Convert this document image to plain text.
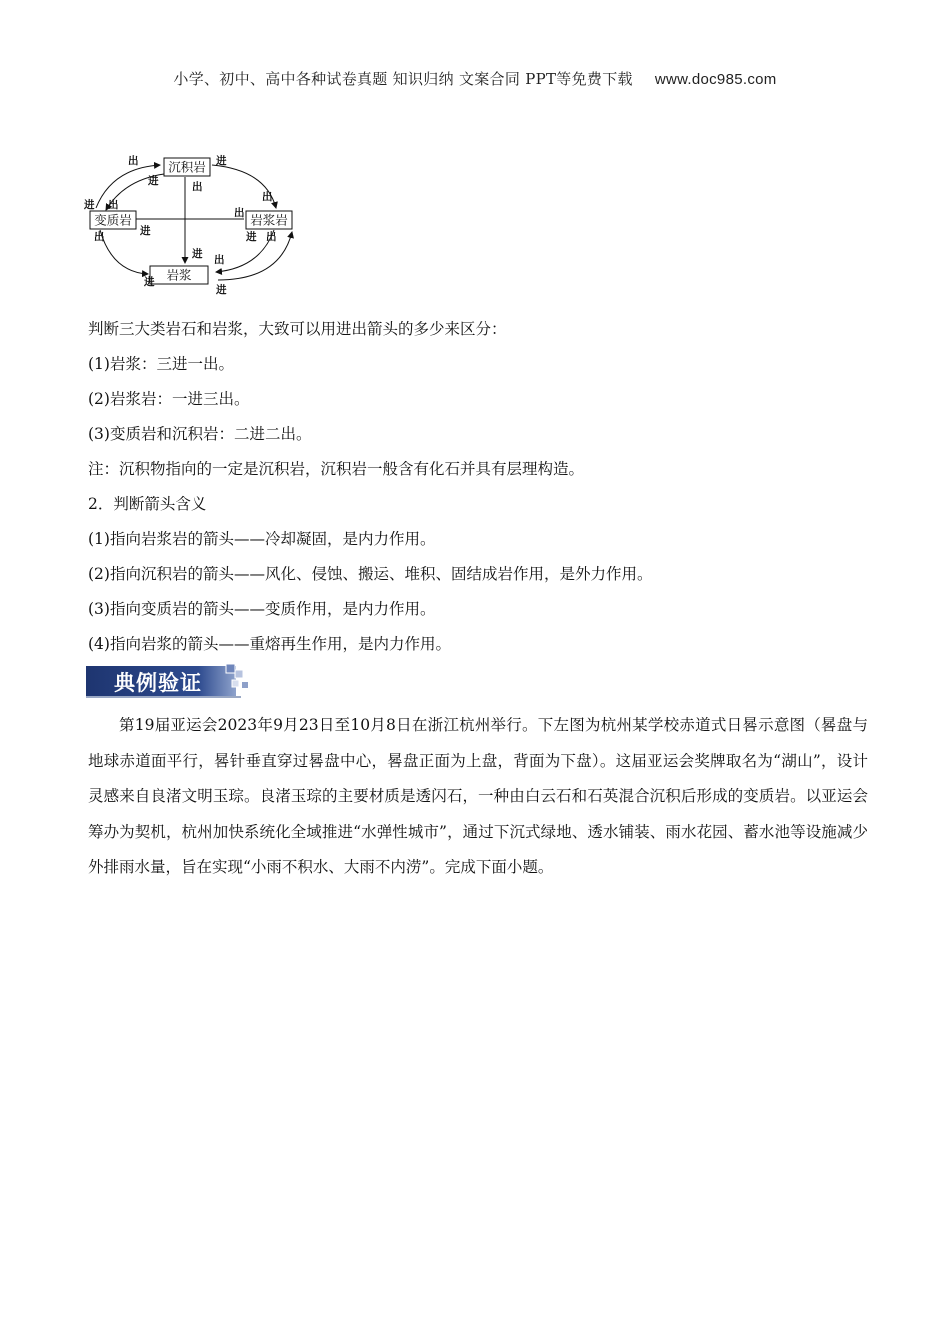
小学、初中、高中各种试卷真题 知识归纳 文案合同 PPT等免费下载 www.doc985.com
沉积岩
变质岩	岩浆岩
岩浆
出
进
进
出
进 出
出
出
出	进	进 出
进 出
进
进

判断三大类岩石和岩浆，大致可以用进出箭头的多少来区分：

(1)岩浆：三进一出。

(2)岩浆岩：一进三出。

(3)变质岩和沉积岩：二进二出。

注：沉积物指向的一定是沉积岩，沉积岩一般含有化石并具有层理构造。

2．判断箭头含义

(1)指向岩浆岩的箭头——冷却凝固，是内力作用。

(2)指向沉积岩的箭头——风化、侵蚀、搬运、堆积、固结成岩作用，是外力作用。

(3)指向变质岩的箭头——变质作用，是内力作用。

(4)指向岩浆的箭头——重熔再生作用，是内力作用。

典例验证
第19届亚运会2023年9月23日至10月8日在浙江杭州举行。下左图为杭州某学校赤道式日晷示意图（晷盘与地球赤道面平行，晷针垂直穿过晷盘中心，晷盘正面为上盘，背面为下盘）。这届亚运会奖牌取名为“湖山”，设计灵感来自良渚文明玉琮。良渚玉琮的主要材质是透闪石，一种由白云石和石英混合沉积后形成的变质岩。以亚运会筹办为契机，杭州加快系统化全域推进“水弹性城市”，通过下沉式绿地、透水铺装、雨水花园、蓄水池等设施减少外排雨水量，旨在实现“小雨不积水、大雨不内涝”。完成下面小题。
